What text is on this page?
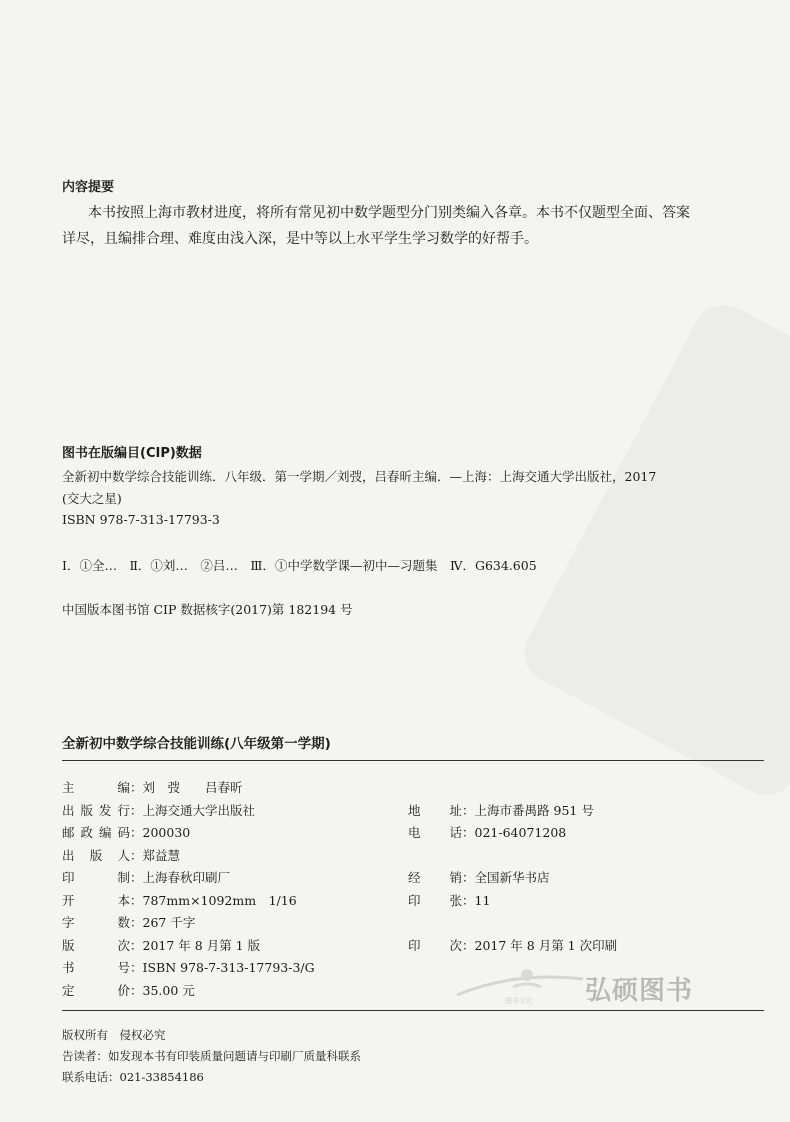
内容提要

本书按照上海市教材进度，将所有常见初中数学题型分门别类编入各章。本书不仅题型全面、答案

详尽，且编排合理、难度由浅入深，是中等以上水平学生学习数学的好帮手。

图书在版编目(CIP)数据
全新初中数学综合技能训练．八年级．第一学期／刘弢，吕春昕主编．—上海：上海交通大学出版社，2017
(交大之星)
ISBN 978-7-313-17793-3
Ⅰ．①全…　Ⅱ．①刘…　②吕…　Ⅲ．①中学数学课—初中—习题集　Ⅳ．G634.605
中国版本图书馆 CIP 数据核字(2017)第 182194 号
全新初中数学综合技能训练(八年级第一学期)
主　　编：刘　弢　　吕春昕
出版发行：上海交通大学出版社
邮政编码：200030
出 版 人：郑益慧
印　　制：上海春秋印刷厂
开　　本：787mm×1092mm　1/16
字　　数：267 千字
版　　次：2017 年 8 月第 1 版
书　　号：ISBN 978-7-313-17793-3/G
定　　价：35.00 元
地　　址：上海市番禺路 951 号
电　　话：021-64071208
经　　销：全国新华书店
印　　张：11
印　　次：2017 年 8 月第 1 次印刷
图书文化 弘硕图书
版权所有　侵权必究
告读者：如发现本书有印装质量问题请与印刷厂质量科联系
联系电话：021-33854186
